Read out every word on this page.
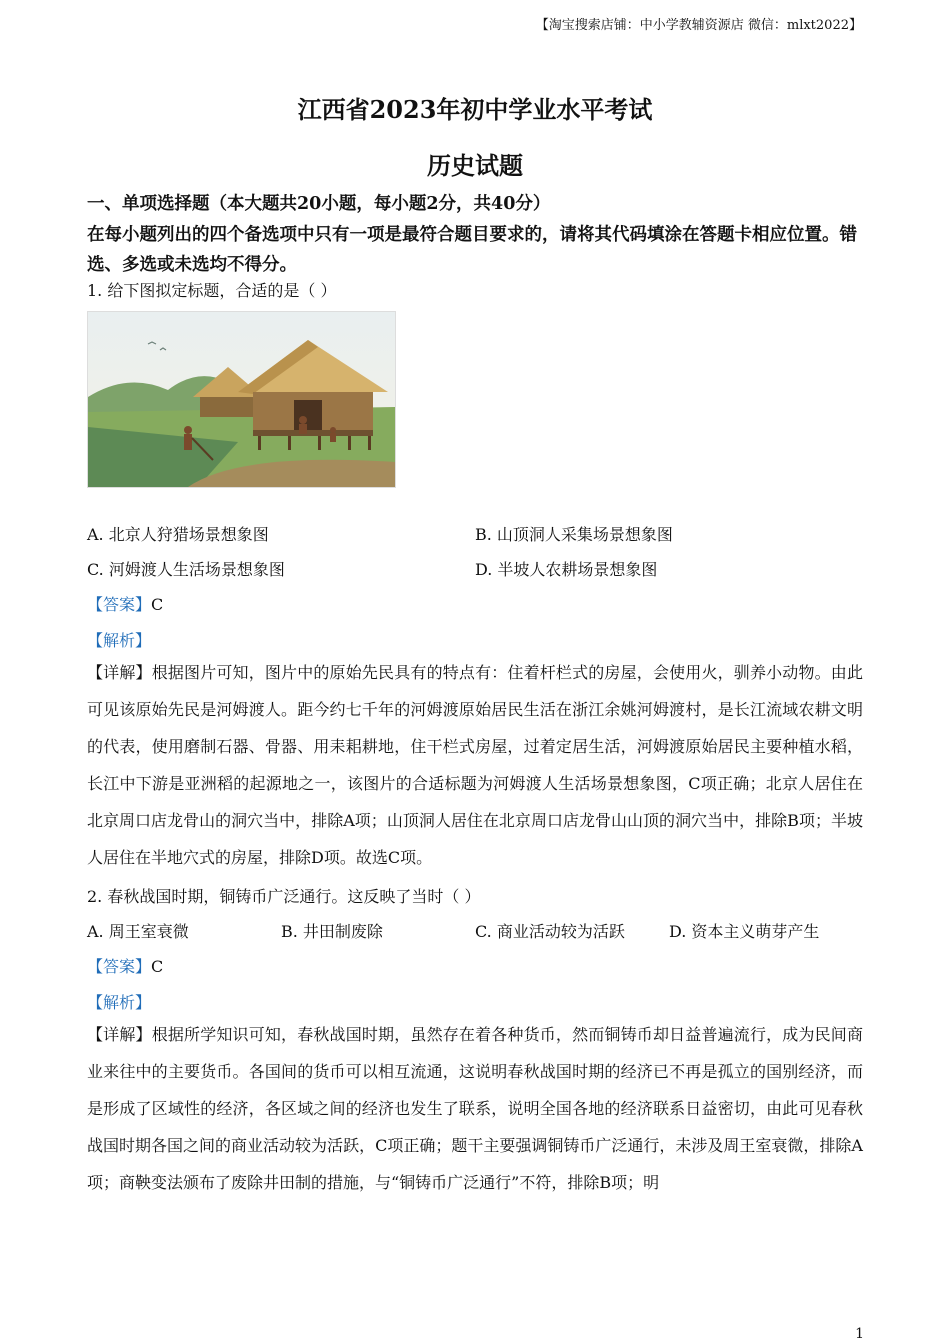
【淘宝搜索店铺：中小学教辅资源店 微信：mlxt2022】
江西省2023年初中学业水平考试
历史试题
一、单项选择题（本大题共20小题，每小题2分，共40分）
在每小题列出的四个备选项中只有一项是最符合题目要求的，请将其代码填涂在答题卡相应位置。错选、多选或未选均不得分。
1. 给下图拟定标题，合适的是（ ）
A. 北京人狩猎场景想象图	B. 山顶洞人采集场景想象图
C. 河姆渡人生活场景想象图	D. 半坡人农耕场景想象图
【答案】C
【解析】
【详解】根据图片可知，图片中的原始先民具有的特点有：住着杆栏式的房屋，会使用火，驯养小动物。由此可见该原始先民是河姆渡人。距今约七千年的河姆渡原始居民生活在浙江余姚河姆渡村，是长江流域农耕文明的代表，使用磨制石器、骨器、用耒耜耕地，住干栏式房屋，过着定居生活，河姆渡原始居民主要种植水稻，长江中下游是亚洲稻的起源地之一，该图片的合适标题为河姆渡人生活场景想象图，C项正确；北京人居住在北京周口店龙骨山的洞穴当中，排除A项；山顶洞人居住在北京周口店龙骨山山顶的洞穴当中，排除B项；半坡人居住在半地穴式的房屋，排除D项。故选C项。
2. 春秋战国时期，铜铸币广泛通行。这反映了当时（ ）
A. 周王室衰微	B. 井田制废除	C. 商业活动较为活跃	D. 资本主义萌芽产生
【答案】C
【解析】
【详解】根据所学知识可知，春秋战国时期，虽然存在着各种货币，然而铜铸币却日益普遍流行，成为民间商业来往中的主要货币。各国间的货币可以相互流通，这说明春秋战国时期的经济已不再是孤立的国别经济，而是形成了区域性的经济，各区域之间的经济也发生了联系，说明全国各地的经济联系日益密切，由此可见春秋战国时期各国之间的商业活动较为活跃，C项正确；题干主要强调铜铸币广泛通行，未涉及周王室衰微，排除A项；商鞅变法颁布了废除井田制的措施，与“铜铸币广泛通行”不符，排除B项；明
1
